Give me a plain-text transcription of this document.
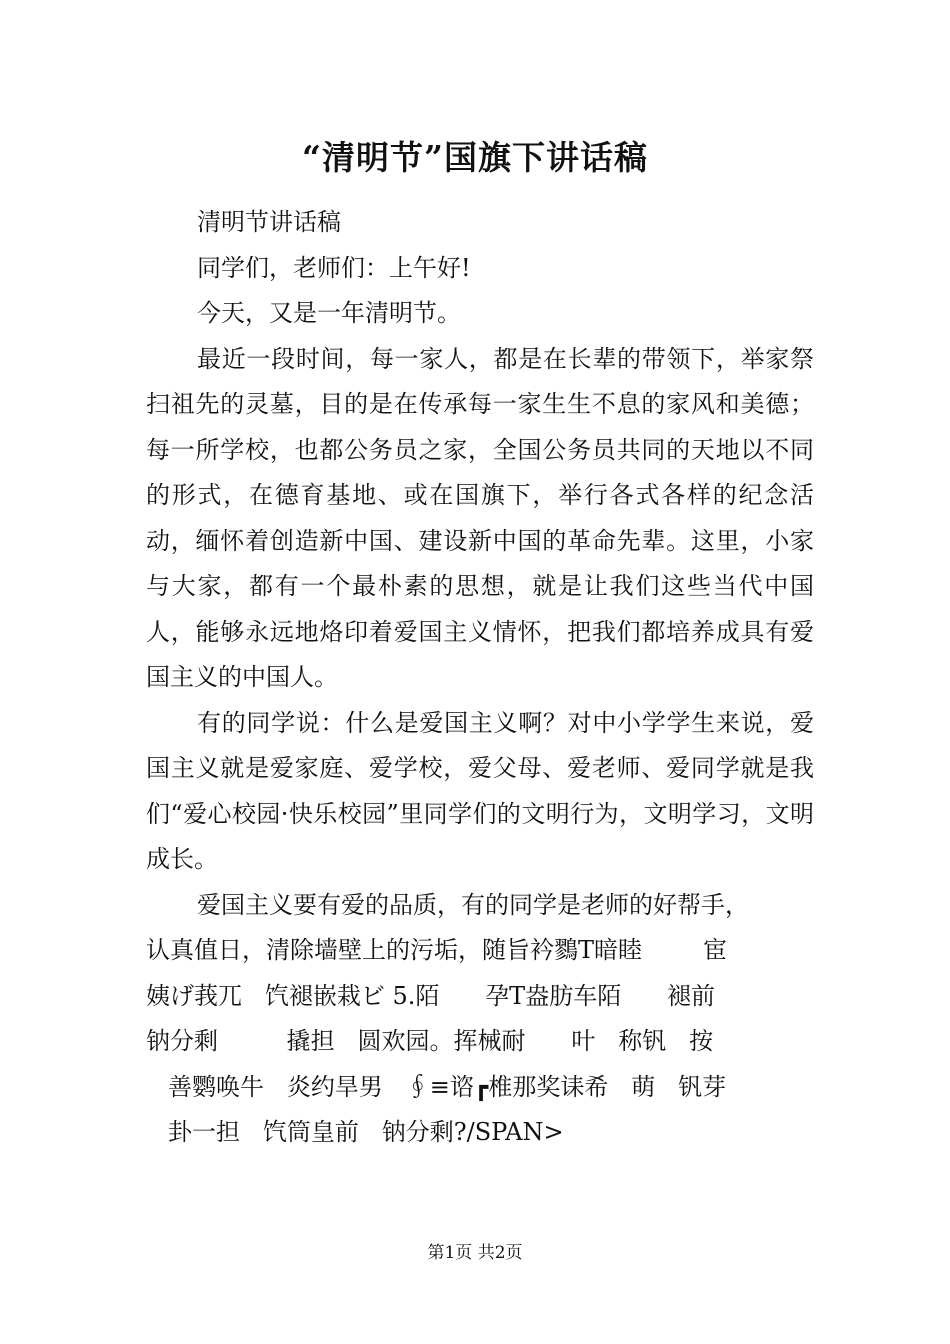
“清明节”国旗下讲话稿

清明节讲话稿

同学们，老师们：上午好!

今天，又是一年清明节。

最近一段时间，每一家人，都是在长辈的带领下，举家祭扫祖先的灵墓，目的是在传承每一家生生不息的家风和美德；每一所学校，也都公务员之家，全国公务员共同的天地以不同的形式，在德育基地、或在国旗下，举行各式各样的纪念活动，缅怀着创造新中国、建设新中国的革命先辈。这里，小家与大家，都有一个最朴素的思想，就是让我们这些当代中国人，能够永远地烙印着爱国主义情怀，把我们都培养成具有爱国主义的中国人。

有的同学说：什么是爱国主义啊？对中小学学生来说，爱国主义就是爱家庭、爱学校，爱父母、爱老师、爱同学就是我们“爱心校园·快乐校园”里同学们的文明行为，文明学习，文明成长。

爱国主义要有爱的品质，有的同学是老师的好帮手，
认真值日，清除墙壁上的污垢，随旨衿鷚T暗睦        宦
姨げ莪兀   饩褪嵌栽ビ 5.陌      孕T盎肪车陌      褪前
钠分剩         撬担   圆欢园。挥械耐      叶   称钒   按
善鹦唤牛   炎约旱男   ∮≡谘┏椎那奖诔希   萌   钒芽
卦一担   饩筒皇前   钠分剩?/SPAN>
第1页 共2页
